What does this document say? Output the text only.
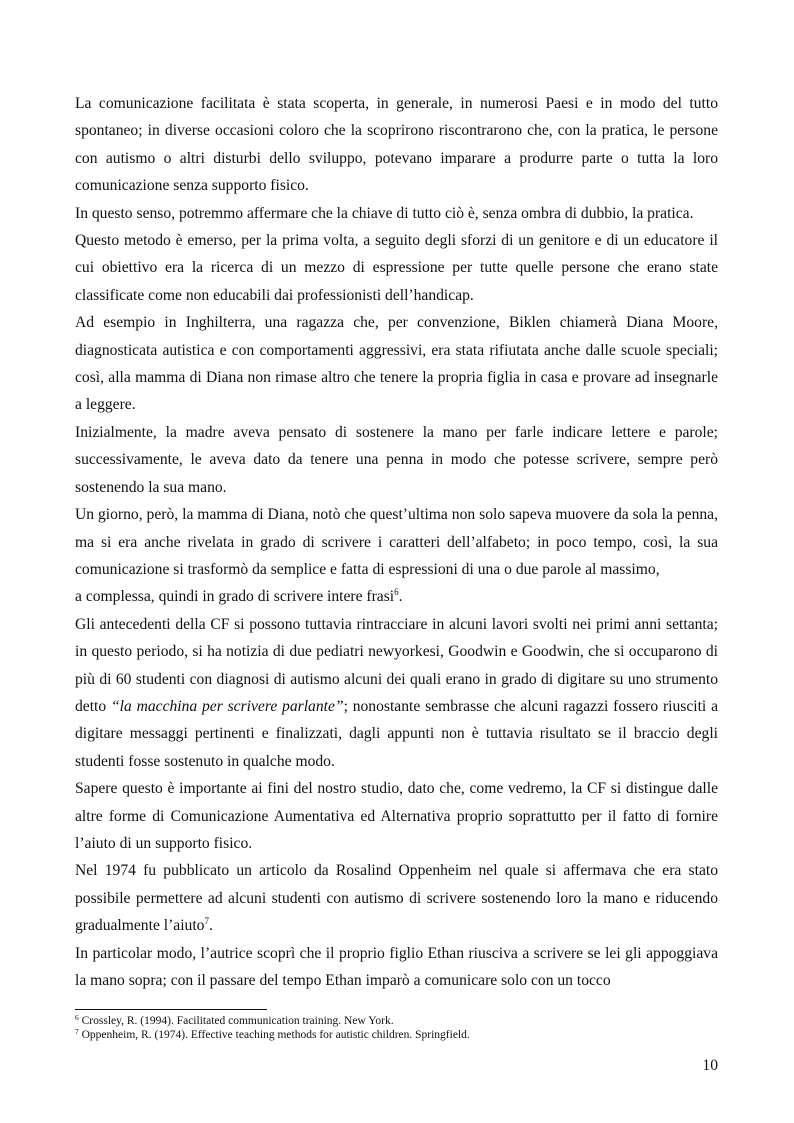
La comunicazione facilitata è stata scoperta, in generale, in numerosi Paesi e in modo del tutto spontaneo; in diverse occasioni coloro che la scoprirono riscontrarono che, con la pratica, le persone con autismo o altri disturbi dello sviluppo, potevano imparare a produrre parte o tutta la loro comunicazione senza supporto fisico.

In questo senso, potremmo affermare che la chiave di tutto ciò è, senza ombra di dubbio, la pratica.

Questo metodo è emerso, per la prima volta, a seguito degli sforzi di un genitore e di un educatore il cui obiettivo era la ricerca di un mezzo di espressione per tutte quelle persone che erano state classificate come non educabili dai professionisti dell’handicap.

Ad esempio in Inghilterra, una ragazza che, per convenzione, Biklen chiamerà Diana Moore, diagnosticata autistica e con comportamenti aggressivi, era stata rifiutata anche dalle scuole speciali; così, alla mamma di Diana non rimase altro che tenere la propria figlia in casa e provare ad insegnarle a leggere.

Inizialmente, la madre aveva pensato di sostenere la mano per farle indicare lettere e parole; successivamente, le aveva dato da tenere una penna in modo che potesse scrivere, sempre però sostenendo la sua mano.

Un giorno, però, la mamma di Diana, notò che quest’ultima non solo sapeva muovere da sola la penna, ma si era anche rivelata in grado di scrivere i caratteri dell’alfabeto; in poco tempo, così, la sua comunicazione si trasformò da semplice e fatta di espressioni di una o due parole al massimo,
a complessa, quindi in grado di scrivere intere frasi$^6$.

Gli antecedenti della CF si possono tuttavia rintracciare in alcuni lavori svolti nei primi anni settanta; in questo periodo, si ha notizia di due pediatri newyorkesi, Goodwin e Goodwin, che si occuparono di più di 60 studenti con diagnosi di autismo alcuni dei quali erano in grado di digitare su uno strumento detto “la macchina per scrivere parlante”; nonostante sembrasse che alcuni ragazzi fossero riusciti a digitare messaggi pertinenti e finalizzati, dagli appunti non è tuttavia risultato se il braccio degli studenti fosse sostenuto in qualche modo.

Sapere questo è importante ai fini del nostro studio, dato che, come vedremo, la CF si distingue dalle altre forme di Comunicazione Aumentativa ed Alternativa proprio soprattutto per il fatto di fornire l’aiuto di un supporto fisico.

Nel 1974 fu pubblicato un articolo da Rosalind Oppenheim nel quale si affermava che era stato possibile permettere ad alcuni studenti con autismo di scrivere sostenendo loro la mano e riducendo gradualmente l’aiuto$^7$.

In particolar modo, l’autrice scoprì che il proprio figlio Ethan riusciva a scrivere se lei gli appoggiava la mano sopra; con il passare del tempo Ethan imparò a comunicare solo con un tocco

$^6$ Crossley, R. (1994). Facilitated communication training. New York.
$^7$ Oppenheim, R. (1974). Effective teaching methods for autistic children. Springfield.
10
